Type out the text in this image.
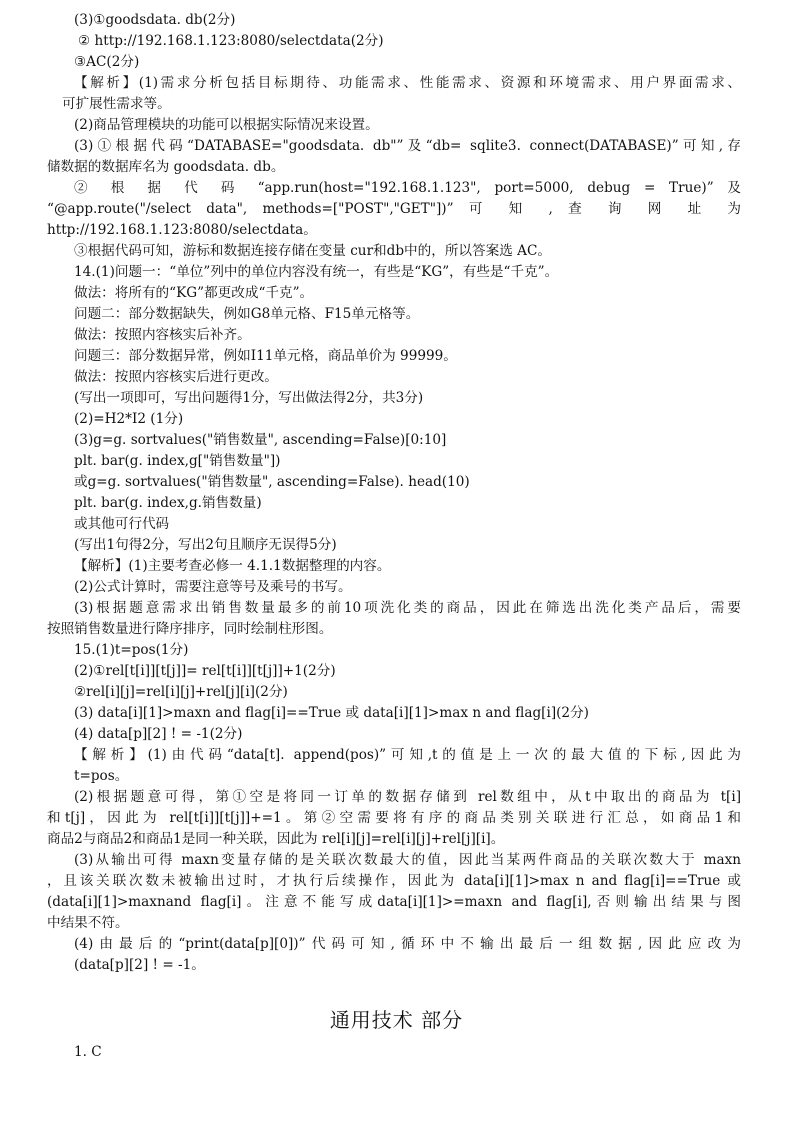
(3)①goodsdata. db(2分)
② http://192.168.1.123:8080/selectdata(2分)
③AC(2分)
【解析】(1)需求分析包括目标期待、功能需求、性能需求、资源和环境需求、用户界面需求、
可扩展性需求等。
(2)商品管理模块的功能可以根据实际情况来设置。
(3)①根据代码“DATABASE="goodsdata. db"”及“db= sqlite3. connect(DATABASE)”可知,存
储数据的数据库名为 goodsdata. db。
② 根 据 代 码 “app.run(host="192.168.1.123", port=5000, debug = True)” 及
“@app.route("/select data", methods=["POST","GET"])” 可 知 , 查 询 网 址 为
http://192.168.1.123:8080/selectdata。
③根据代码可知，游标和数据连接存储在变量 cur和db中的，所以答案选 AC。
14.(1)问题一：“单位”列中的单位内容没有统一，有些是“KG”，有些是“千克”。
做法：将所有的“KG”都更改成“千克”。
问题二：部分数据缺失，例如G8单元格、F15单元格等。
做法：按照内容核实后补齐。
问题三：部分数据异常，例如I11单元格，商品单价为 99999。
做法：按照内容核实后进行更改。
(写出一项即可，写出问题得1分，写出做法得2分，共3分)
(2)=H2*I2 (1分)
(3)g=g. sortvalues("销售数量", ascending=False)[0:10]
plt. bar(g. index,g["销售数量"])
或g=g. sortvalues("销售数量", ascending=False). head(10)
plt. bar(g. index,g.销售数量)
或其他可行代码
(写出1句得2分，写出2句且顺序无误得5分)
【解析】(1)主要考查必修一 4.1.1数据整理的内容。
(2)公式计算时，需要注意等号及乘号的书写。
(3)根据题意需求出销售数量最多的前10项洗化类的商品，因此在筛选出洗化类产品后，需要
按照销售数量进行降序排序，同时绘制柱形图。
15.(1)t=pos(1分)
(2)①rel[t[i]][t[j]]= rel[t[i]][t[j]]+1(2分)
②rel[i][j]=rel[i][j]+rel[j][i](2分)
(3) data[i][1]>maxn and flag[i]==True 或 data[i][1]>max n and flag[i](2分)
(4) data[p][2] ! = -1(2分)
【解析】(1)由代码“data[t]. append(pos)”可知,t的值是上一次的最大值的下标,因此为
t=pos。
(2)根据题意可得，第①空是将同一订单的数据存储到 rel数组中，从t中取出的商品为 t[i]
和t[j]，因此为 rel[t[i]][t[j]]+=1。第②空需要将有序的商品类别关联进行汇总，如商品1和
商品2与商品2和商品1是同一种关联，因此为 rel[i][j]=rel[i][j]+rel[j][i]。
(3)从输出可得 maxn变量存储的是关联次数最大的值，因此当某两件商品的关联次数大于 maxn
，且该关联次数未被输出过时，才执行后续操作，因此为 data[i][1]>max n and flag[i]==True 或
(data[i][1]>maxnand flag[i]。注意不能写成data[i][1]>=maxn and flag[i],否则输出结果与图
中结果不符。
(4)由最后的“print(data[p][0])”代码可知,循环中不输出最后一组数据,因此应改为
(data[p][2] ! = -1。
通用技术 部分
1. C
